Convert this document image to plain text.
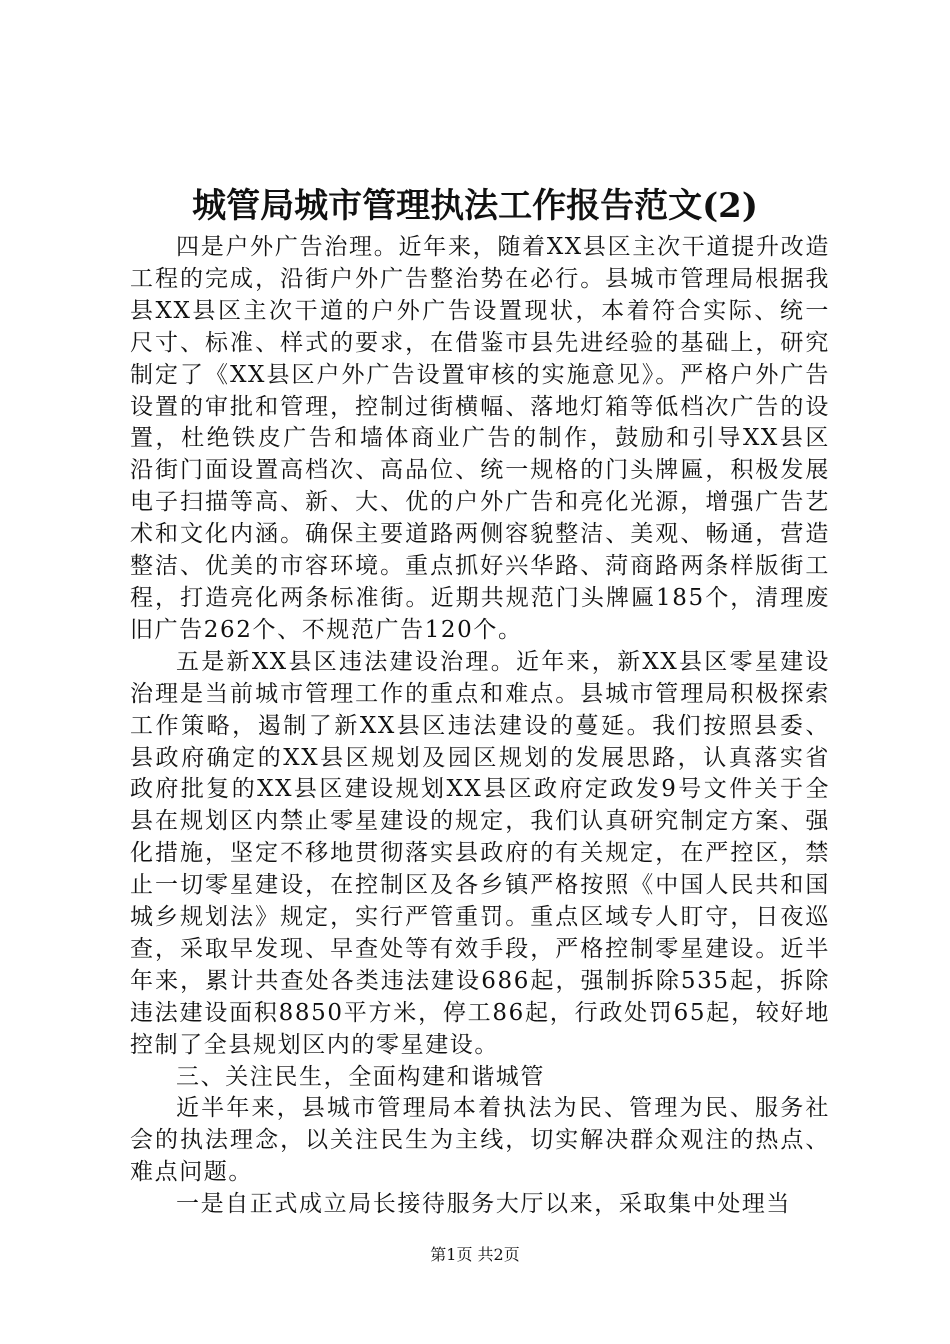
城管局城市管理执法工作报告范文(2)

四是户外广告治理。近年来，随着XX县区主次干道提升改造工程的完成，沿街户外广告整治势在必行。县城市管理局根据我县XX县区主次干道的户外广告设置现状，本着符合实际、统一尺寸、标准、样式的要求，在借鉴市县先进经验的基础上，研究制定了《XX县区户外广告设置审核的实施意见》。严格户外广告设置的审批和管理，控制过街横幅、落地灯箱等低档次广告的设置，杜绝铁皮广告和墙体商业广告的制作，鼓励和引导XX县区沿街门面设置高档次、高品位、统一规格的门头牌匾，积极发展电子扫描等高、新、大、优的户外广告和亮化光源，增强广告艺术和文化内涵。确保主要道路两侧容貌整洁、美观、畅通，营造整洁、优美的市容环境。重点抓好兴华路、菏商路两条样版街工程，打造亮化两条标准街。近期共规范门头牌匾185个，清理废旧广告262个、不规范广告120个。

五是新XX县区违法建设治理。近年来，新XX县区零星建设治理是当前城市管理工作的重点和难点。县城市管理局积极探索工作策略，遏制了新XX县区违法建设的蔓延。我们按照县委、县政府确定的XX县区规划及园区规划的发展思路，认真落实省政府批复的XX县区建设规划XX县区政府定政发9号文件关于全县在规划区内禁止零星建设的规定，我们认真研究制定方案、强化措施，坚定不移地贯彻落实县政府的有关规定，在严控区，禁止一切零星建设，在控制区及各乡镇严格按照《中国人民共和国城乡规划法》规定，实行严管重罚。重点区域专人盯守，日夜巡查，采取早发现、早查处等有效手段，严格控制零星建设。近半年来，累计共查处各类违法建设686起，强制拆除535起，拆除违法建设面积8850平方米，停工86起，行政处罚65起，较好地控制了全县规划区内的零星建设。

三、关注民生，全面构建和谐城管

近半年来，县城市管理局本着执法为民、管理为民、服务社会的执法理念，以关注民生为主线，切实解决群众观注的热点、难点问题。

一是自正式成立局长接待服务大厅以来，采取集中处理当

第1页 共2页
